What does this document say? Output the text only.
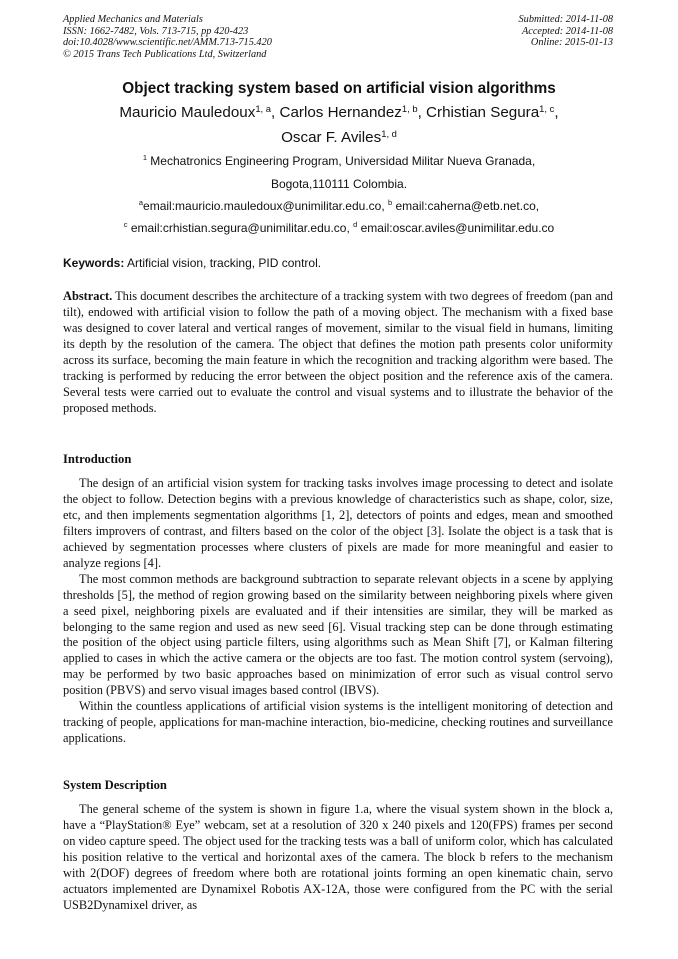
Applied Mechanics and Materials
ISSN: 1662-7482, Vols. 713-715, pp 420-423
doi:10.4028/www.scientific.net/AMM.713-715.420
© 2015 Trans Tech Publications Ltd, Switzerland
Submitted: 2014-11-08
Accepted: 2014-11-08
Online: 2015-01-13
Object tracking system based on artificial vision algorithms
Mauricio Mauledoux$^{1, a}$, Carlos Hernandez$^{1, b}$, Crhistian Segura$^{1, c}$,
Oscar F. Aviles$^{1, d}$
$^1$ Mechatronics Engineering Program, Universidad Militar Nueva Granada,
Bogota,110111 Colombia.
$^a$email:mauricio.mauledoux@unimilitar.edu.co, $^b$ email:caherna@etb.net.co,
$^c$ email:crhistian.segura@unimilitar.edu.co, $^d$ email:oscar.aviles@unimilitar.edu.co
Keywords: Artificial vision, tracking, PID control.

Abstract. This document describes the architecture of a tracking system with two degrees of freedom (pan and tilt), endowed with artificial vision to follow the path of a moving object. The mechanism with a fixed base was designed to cover lateral and vertical ranges of movement, similar to the visual field in humans, limiting its depth by the resolution of the camera. The object that defines the motion path presents color uniformity across its surface, becoming the main feature in which the recognition and tracking algorithm were based. The tracking is performed by reducing the error between the object position and the reference axis of the camera. Several tests were carried out to evaluate the control and visual systems and to illustrate the behavior of the proposed methods.

Introduction

The design of an artificial vision system for tracking tasks involves image processing to detect and isolate the object to follow. Detection begins with a previous knowledge of characteristics such as shape, color, size, etc, and then implements segmentation algorithms [1, 2], detectors of points and edges, mean and smoothed filters improvers of contrast, and filters based on the color of the object [3]. Isolate the object is a task that is achieved by segmentation processes where clusters of pixels are made for more meaningful and easier to analyze regions [4].

The most common methods are background subtraction to separate relevant objects in a scene by applying thresholds [5], the method of region growing based on the similarity between neighboring pixels where given a seed pixel, neighboring pixels are evaluated and if their intensities are similar, they will be marked as belonging to the same region and used as new seed [6]. Visual tracking step can be done through estimating the position of the object using particle filters, using algorithms such as Mean Shift [7], or Kalman filtering applied to cases in which the active camera or the objects are too fast. The motion control system (servoing), may be performed by two basic approaches based on minimization of error such as visual control servo position (PBVS) and servo visual images based control (IBVS).

Within the countless applications of artificial vision systems is the intelligent monitoring of detection and tracking of people, applications for man-machine interaction, bio-medicine, checking routines and surveillance applications.

System Description

The general scheme of the system is shown in figure 1.a, where the visual system shown in the block a, have a “PlayStation® Eye” webcam, set at a resolution of 320 x 240 pixels and 120(FPS) frames per second on video capture speed. The object used for the tracking tests was a ball of uniform color, which has calculated his position relative to the vertical and horizontal axes of the camera. The block b refers to the mechanism with 2(DOF) degrees of freedom where both are rotational joints forming an open kinematic chain, servo actuators implemented are Dynamixel Robotis AX-12A, those were configured from the PC with the serial USB2Dynamixel driver, as
